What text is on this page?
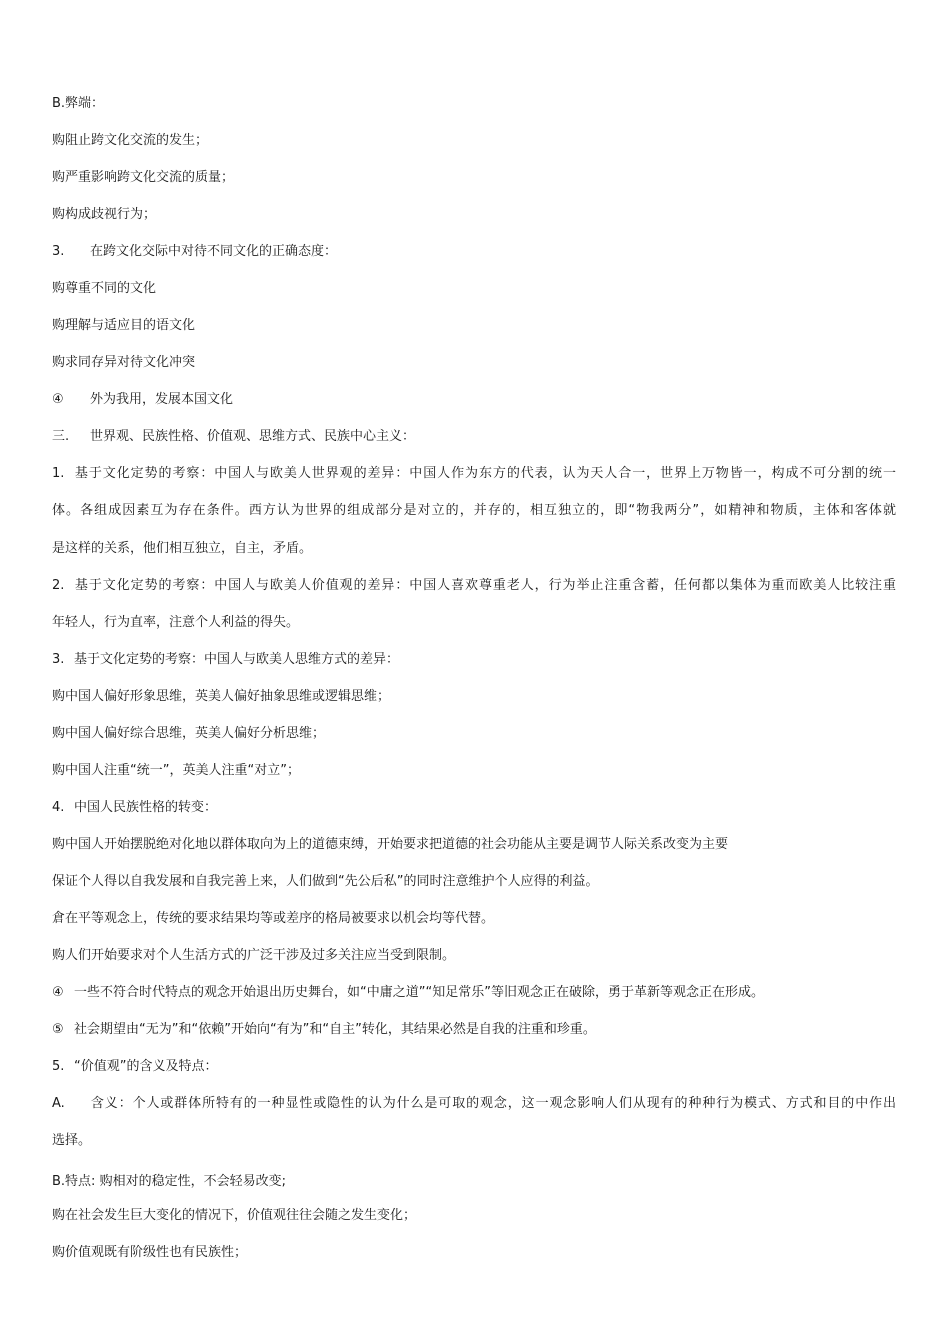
B.弊端：
购阻止跨文化交流的发生；
购严重影响跨文化交流的质量；
购构成歧视行为；
3. 在跨文化交际中对待不同文化的正确态度：
购尊重不同的文化
购理解与适应目的语文化
购求同存异对待文化冲突
④ 外为我用，发展本国文化
三. 世界观、民族性格、价值观、思维方式、民族中心主义：
1. 基于文化定势的考察：中国人与欧美人世界观的差异：中国人作为东方的代表，认为天人合一，世界上万物皆一，构成不可分割的统一
体。各组成因素互为存在条件。西方认为世界的组成部分是对立的，并存的，相互独立的，即“物我两分”，如精神和物质，主体和客体就
是这样的关系，他们相互独立，自主，矛盾。
2. 基于文化定势的考察：中国人与欧美人价值观的差异：中国人喜欢尊重老人，行为举止注重含蓄，任何都以集体为重而欧美人比较注重
年轻人，行为直率，注意个人利益的得失。
3. 基于文化定势的考察：中国人与欧美人思维方式的差异：
购中国人偏好形象思维，英美人偏好抽象思维或逻辑思维；
购中国人偏好综合思维，英美人偏好分析思维；
购中国人注重“统一”，英美人注重“对立”；
4. 中国人民族性格的转变：
购中国人开始摆脱绝对化地以群体取向为上的道德束缚，开始要求把道德的社会功能从主要是调节人际关系改变为主要
保证个人得以自我发展和自我完善上来，人们做到“先公后私”的同时注意维护个人应得的利益。
倉在平等观念上，传统的要求结果均等或差序的格局被要求以机会均等代替。
购人们开始要求对个人生活方式的广泛干涉及过多关注应当受到限制。
④ 一些不符合时代特点的观念开始退出历史舞台，如“中庸之道”“知足常乐”等旧观念正在破除，勇于革新等观念正在形成。
⑤ 社会期望由“无为”和“依赖”开始向“有为”和“自主”转化，其结果必然是自我的注重和珍重。
5. “价值观”的含义及特点：
A. 含义：个人或群体所特有的一种显性或隐性的认为什么是可取的观念，这一观念影响人们从现有的种种行为模式、方式和目的中作出
选择。
B.特点: 购相对的稳定性，不会轻易改变;
购在社会发生巨大变化的情况下，价值观往往会随之发生变化；
购价值观既有阶级性也有民族性；
